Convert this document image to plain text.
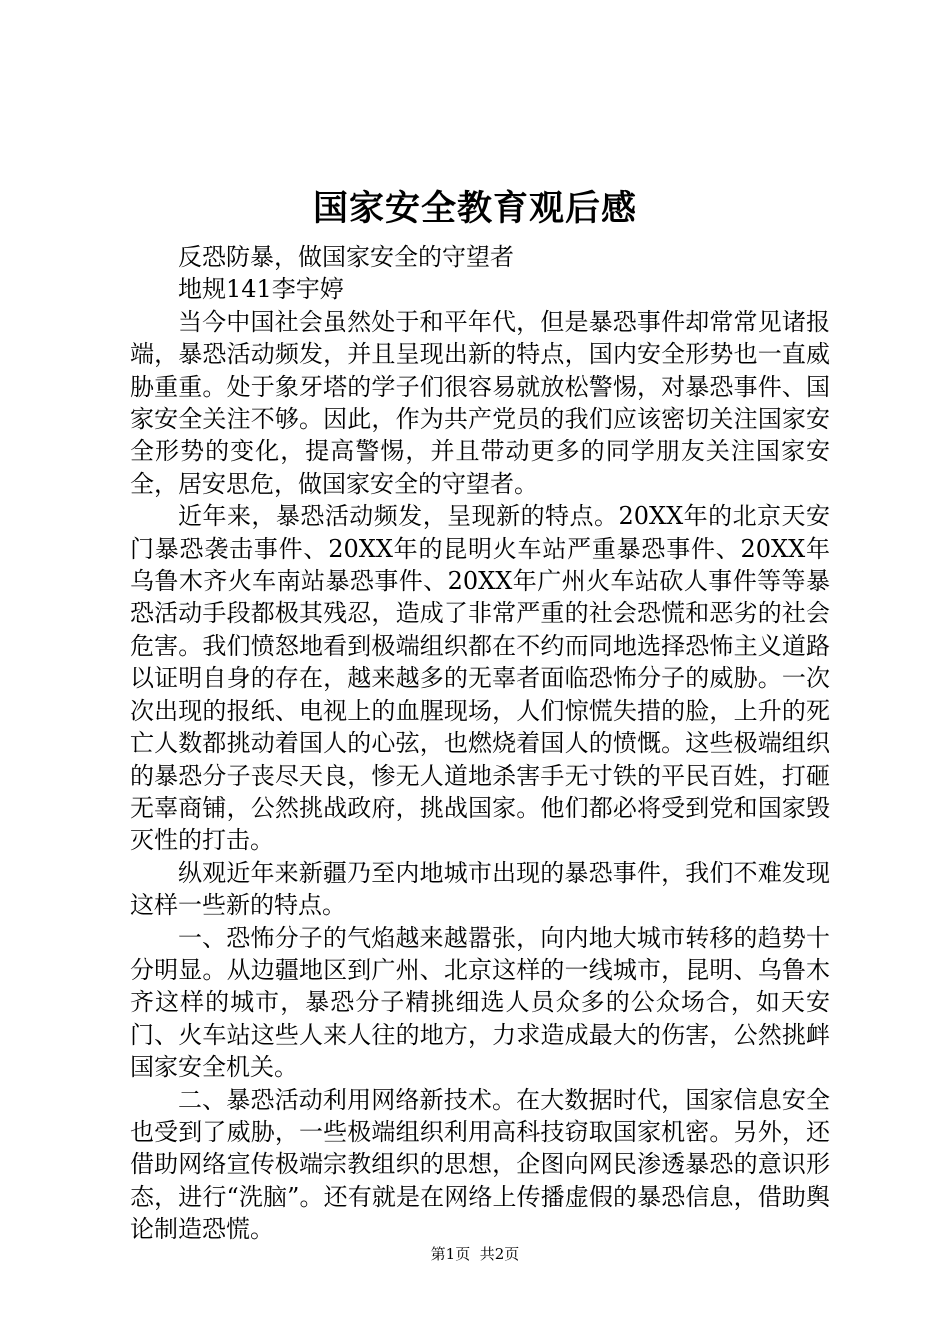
国家安全教育观后感

反恐防暴，做国家安全的守望者

地规141李宇婷

当今中国社会虽然处于和平年代，但是暴恐事件却常常见诸报端，暴恐活动频发，并且呈现出新的特点，国内安全形势也一直威胁重重。处于象牙塔的学子们很容易就放松警惕，对暴恐事件、国家安全关注不够。因此，作为共产党员的我们应该密切关注国家安全形势的变化，提高警惕，并且带动更多的同学朋友关注国家安全，居安思危，做国家安全的守望者。

近年来，暴恐活动频发，呈现新的特点。20XX年的北京天安门暴恐袭击事件、20XX年的昆明火车站严重暴恐事件、20XX年乌鲁木齐火车南站暴恐事件、20XX年广州火车站砍人事件等等暴恐活动手段都极其残忍，造成了非常严重的社会恐慌和恶劣的社会危害。我们愤怒地看到极端组织都在不约而同地选择恐怖主义道路以证明自身的存在，越来越多的无辜者面临恐怖分子的威胁。一次次出现的报纸、电视上的血腥现场，人们惊慌失措的脸，上升的死亡人数都挑动着国人的心弦，也燃烧着国人的愤慨。这些极端组织的暴恐分子丧尽天良，惨无人道地杀害手无寸铁的平民百姓，打砸无辜商铺，公然挑战政府，挑战国家。他们都必将受到党和国家毁灭性的打击。

纵观近年来新疆乃至内地城市出现的暴恐事件，我们不难发现这样一些新的特点。

一、恐怖分子的气焰越来越嚣张，向内地大城市转移的趋势十分明显。从边疆地区到广州、北京这样的一线城市，昆明、乌鲁木齐这样的城市，暴恐分子精挑细选人员众多的公众场合，如天安门、火车站这些人来人往的地方，力求造成最大的伤害，公然挑衅国家安全机关。

二、暴恐活动利用网络新技术。在大数据时代，国家信息安全也受到了威胁，一些极端组织利用高科技窃取国家机密。另外，还借助网络宣传极端宗教组织的思想，企图向网民渗透暴恐的意识形态，进行“洗脑”。还有就是在网络上传播虚假的暴恐信息，借助舆论制造恐慌。

第1页 共2页
